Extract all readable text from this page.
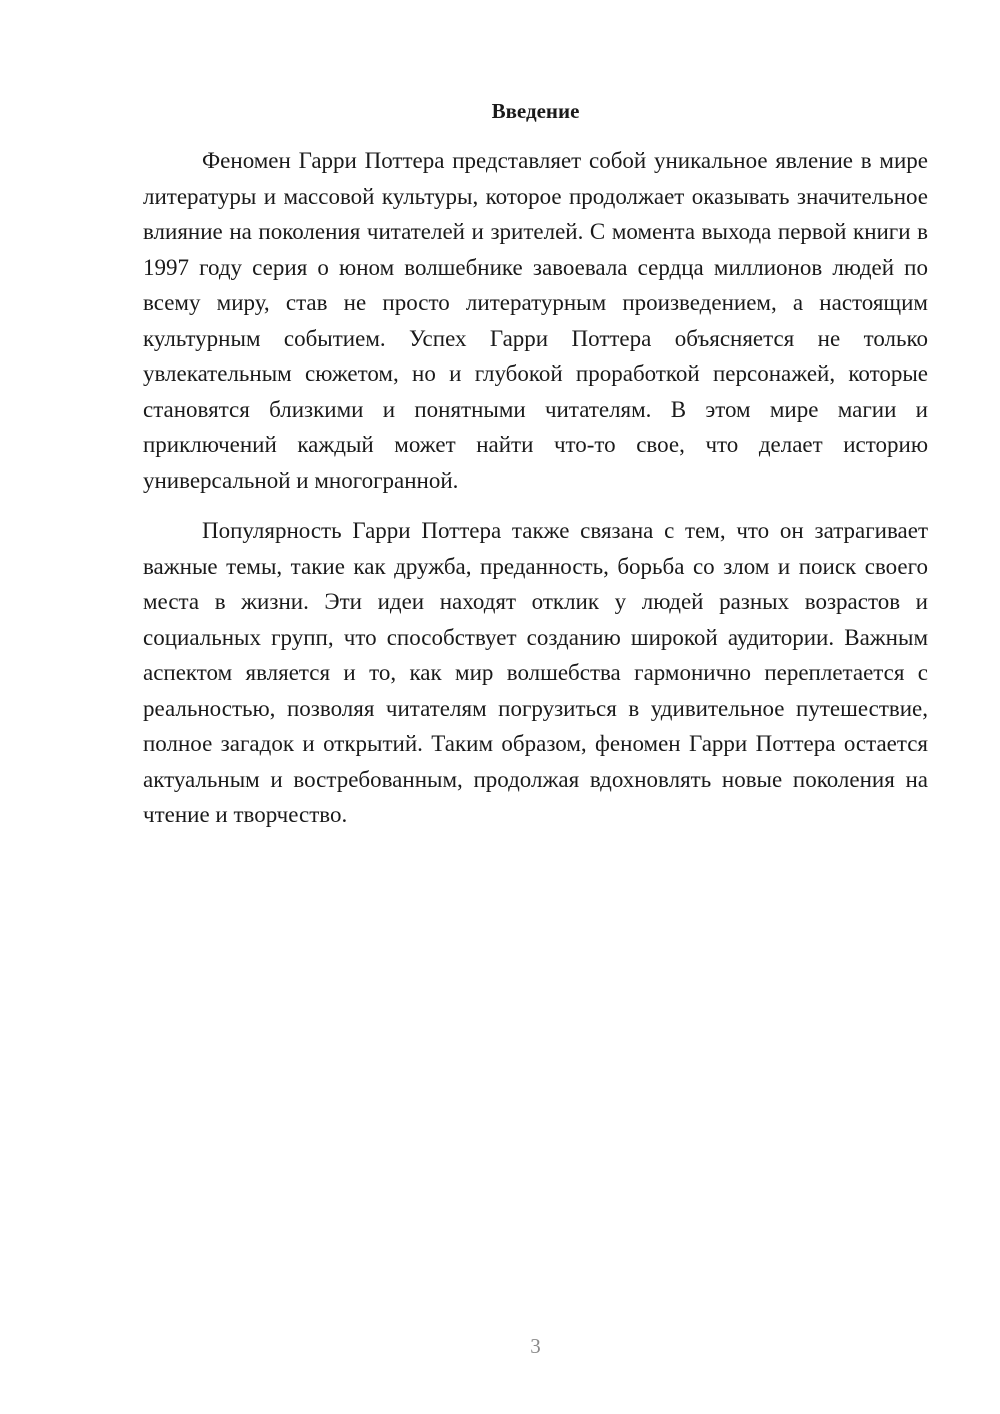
Введение

Феномен Гарри Поттера представляет собой уникальное явление в мире литературы и массовой культуры, которое продолжает оказывать значительное влияние на поколения читателей и зрителей. С момента выхода первой книги в 1997 году серия о юном волшебнике завоевала сердца миллионов людей по всему миру, став не просто литературным произведением, а настоящим культурным событием. Успех Гарри Поттера объясняется не только увлекательным сюжетом, но и глубокой проработкой персонажей, которые становятся близкими и понятными читателям. В этом мире магии и приключений каждый может найти что-то свое, что делает историю универсальной и многогранной.

Популярность Гарри Поттера также связана с тем, что он затрагивает важные темы, такие как дружба, преданность, борьба со злом и поиск своего места в жизни. Эти идеи находят отклик у людей разных возрастов и социальных групп, что способствует созданию широкой аудитории. Важным аспектом является и то, как мир волшебства гармонично переплетается с реальностью, позволяя читателям погрузиться в удивительное путешествие, полное загадок и открытий. Таким образом, феномен Гарри Поттера остается актуальным и востребованным, продолжая вдохновлять новые поколения на чтение и творчество.

3
